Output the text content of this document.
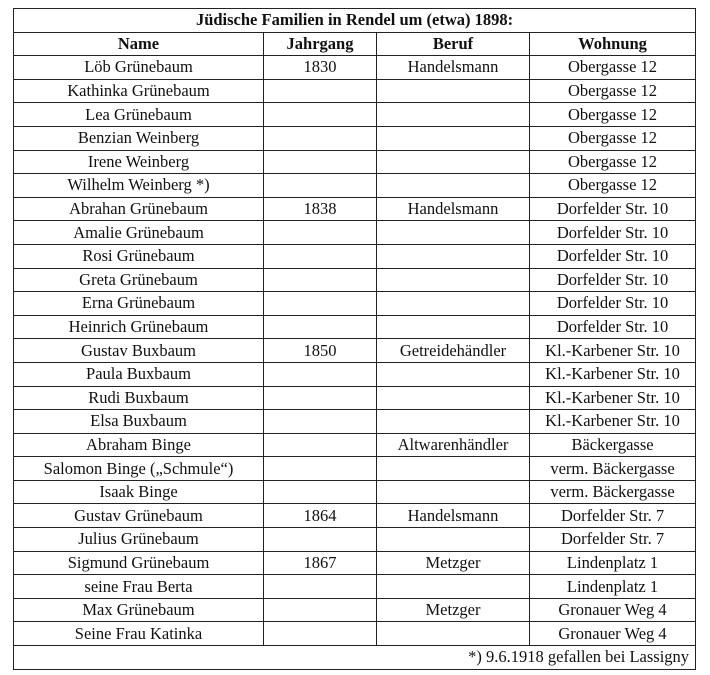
Jüdische Familien in Rendel um (etwa) 1898:			
Name	Jahrgang	Beruf	Wohnung
Löb Grünebaum	1830	Handelsmann	Obergasse 12
Kathinka Grünebaum			Obergasse 12
Lea Grünebaum			Obergasse 12
Benzian Weinberg			Obergasse 12
Irene Weinberg			Obergasse 12
Wilhelm Weinberg *)			Obergasse 12
Abrahan Grünebaum	1838	Handelsmann	Dorfelder Str. 10
Amalie Grünebaum			Dorfelder Str. 10
Rosi Grünebaum			Dorfelder Str. 10
Greta Grünebaum			Dorfelder Str. 10
Erna Grünebaum			Dorfelder Str. 10
Heinrich Grünebaum			Dorfelder Str. 10
Gustav Buxbaum	1850	Getreidehändler	Kl.-Karbener Str. 10
Paula Buxbaum			Kl.-Karbener Str. 10
Rudi Buxbaum			Kl.-Karbener Str. 10
Elsa Buxbaum			Kl.-Karbener Str. 10
Abraham Binge		Altwarenhändler	Bäckergasse
Salomon Binge („Schmule“)			verm. Bäckergasse
Isaak Binge			verm. Bäckergasse
Gustav Grünebaum	1864	Handelsmann	Dorfelder Str. 7
Julius Grünebaum			Dorfelder Str. 7
Sigmund Grünebaum	1867	Metzger	Lindenplatz 1
seine Frau Berta			Lindenplatz 1
Max Grünebaum		Metzger	Gronauer Weg 4
Seine Frau Katinka			Gronauer Weg 4
*) 9.6.1918 gefallen bei Lassigny			
